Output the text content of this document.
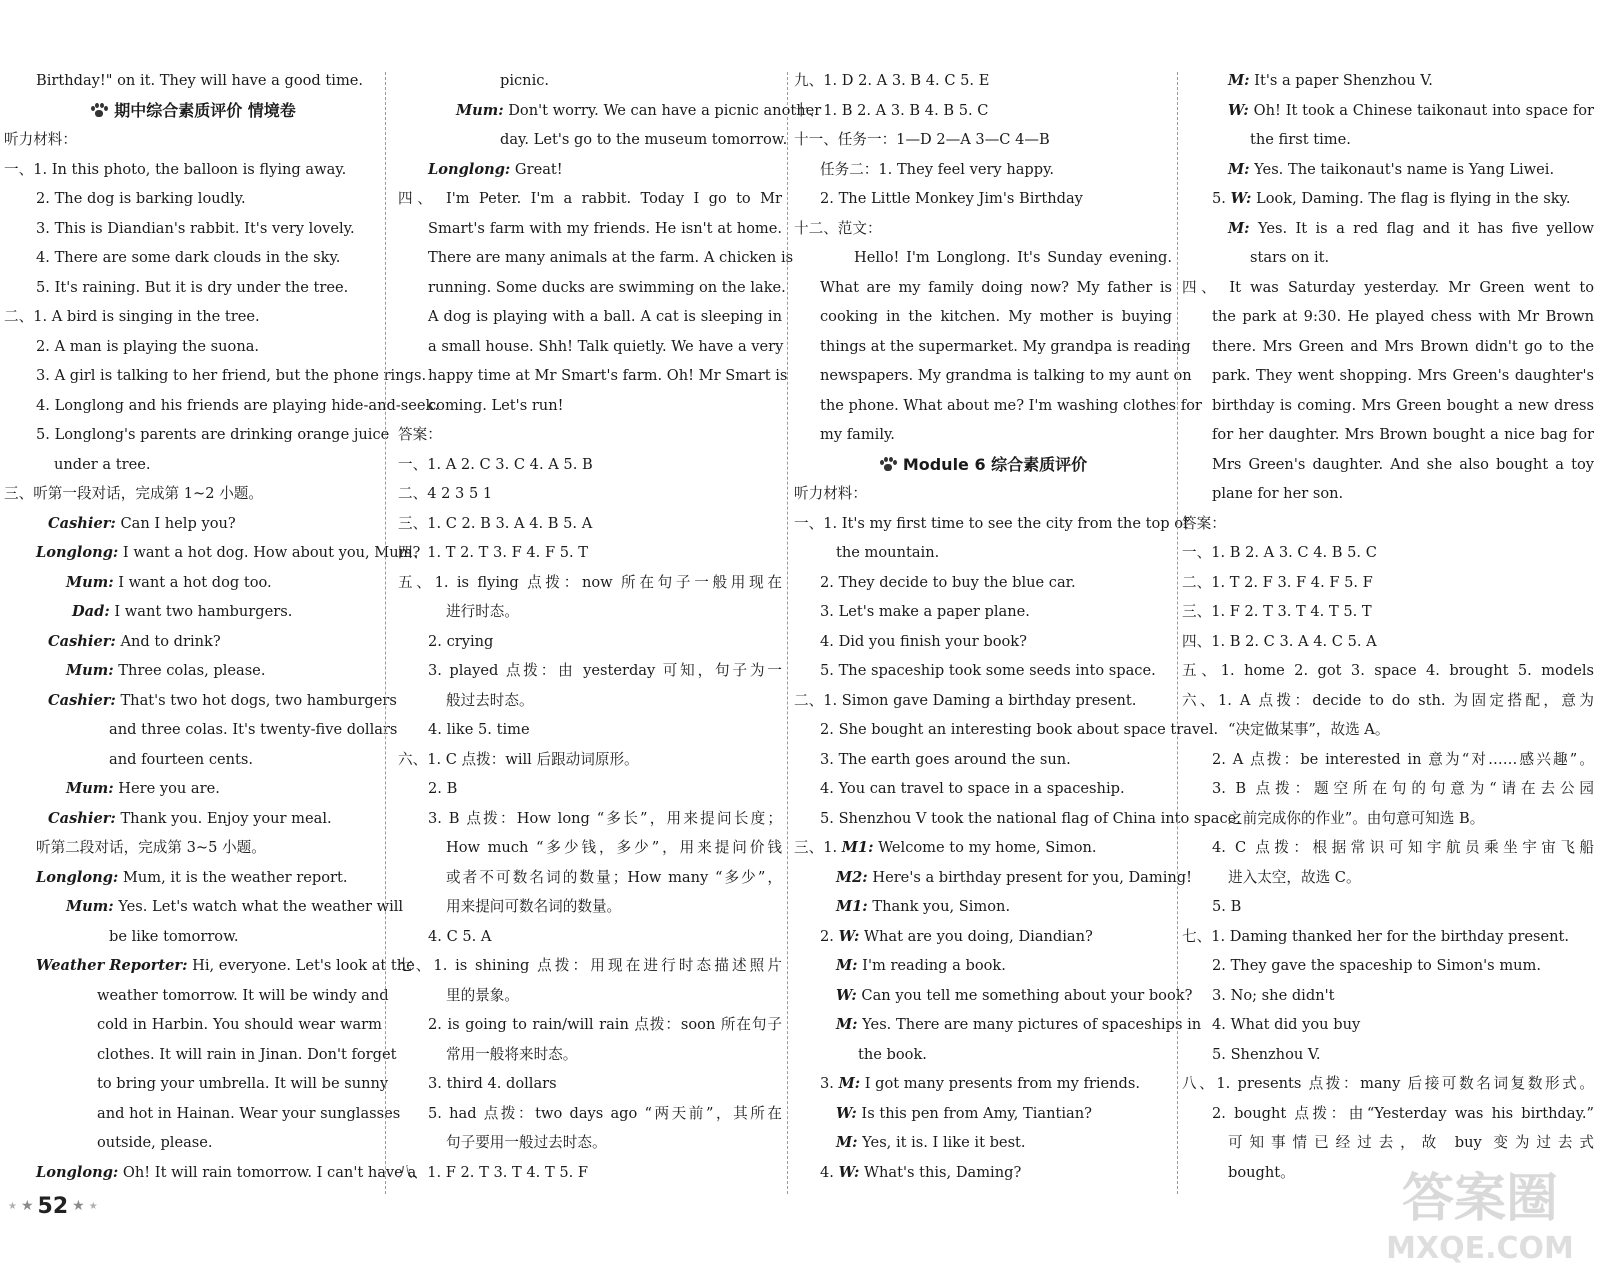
Birthday!" on it. They will have a good time.
期中综合素质评价 情境卷
听力材料：
一、1. In this photo, the balloon is flying away.
2. The dog is barking loudly.
3. This is Diandian's rabbit. It's very lovely.
4. There are some dark clouds in the sky.
5. It's raining. But it is dry under the tree.
二、1. A bird is singing in the tree.
2. A man is playing the suona.
3. A girl is talking to her friend, but the phone rings.
4. Longlong and his friends are playing hide-and-seek.
5. Longlong's parents are drinking orange juice
under a tree.
三、听第一段对话，完成第 1~2 小题。
Cashier: Can I help you?
Longlong: I want a hot dog. How about you, Mum?
Mum: I want a hot dog too.
Dad: I want two hamburgers.
Cashier: And to drink?
Mum: Three colas, please.
Cashier: That's two hot dogs, two hamburgers
and three colas. It's twenty-five dollars
and fourteen cents.
Mum: Here you are.
Cashier: Thank you. Enjoy your meal.
听第二段对话，完成第 3~5 小题。
Longlong: Mum, it is the weather report.
Mum: Yes. Let's watch what the weather will
be like tomorrow.
Weather Reporter: Hi, everyone. Let's look at the
weather tomorrow. It will be windy and
cold in Harbin. You should wear warm
clothes. It will rain in Jinan. Don't forget
to bring your umbrella. It will be sunny
and hot in Hainan. Wear your sunglasses
outside, please.
Longlong: Oh! It will rain tomorrow. I can't have a
picnic.
Mum: Don't worry. We can have a picnic another
day. Let's go to the museum tomorrow.
Longlong: Great!
四、 I'm Peter. I'm a rabbit. Today I go to Mr
Smart's farm with my friends. He isn't at home.
There are many animals at the farm. A chicken is
running. Some ducks are swimming on the lake.
A dog is playing with a ball. A cat is sleeping in
a small house. Shh! Talk quietly. We have a very
happy time at Mr Smart's farm. Oh! Mr Smart is
coming. Let's run!
答案：
一、1. A 2. C 3. C 4. A 5. B
二、4 2 3 5 1
三、1. C 2. B 3. A 4. B 5. A
四、1. T 2. T 3. F 4. F 5. T
五、1. is flying 点拨：now 所在句子一般用现在
进行时态。
2. crying
3. played 点拨：由 yesterday 可知，句子为一
般过去时态。
4. like 5. time
六、1. C 点拨：will 后跟动词原形。
2. B
3. B 点拨：How long “多长”，用来提问长度；
How much “多少钱，多少”，用来提问价钱
或者不可数名词的数量；How many “多少”，
用来提问可数名词的数量。
4. C 5. A
七、1. is shining 点拨：用现在进行时态描述照片
里的景象。
2. is going to rain/will rain 点拨：soon 所在句子
常用一般将来时态。
3. third 4. dollars
5. had 点拨：two days ago “两天前”，其所在
句子要用一般过去时态。
八、1. F 2. T 3. T 4. T 5. F
九、1. D 2. A 3. B 4. C 5. E
十、1. B 2. A 3. B 4. B 5. C
十一、任务一：1—D 2—A 3—C 4—B
任务二：1. They feel very happy.
2. The Little Monkey Jim's Birthday
十二、范文：
Hello! I'm Longlong. It's Sunday evening.
What are my family doing now? My father is
cooking in the kitchen. My mother is buying
things at the supermarket. My grandpa is reading
newspapers. My grandma is talking to my aunt on
the phone. What about me? I'm washing clothes for
my family.
Module 6 综合素质评价
听力材料：
一、1. It's my first time to see the city from the top of
the mountain.
2. They decide to buy the blue car.
3. Let's make a paper plane.
4. Did you finish your book?
5. The spaceship took some seeds into space.
二、1. Simon gave Daming a birthday present.
2. She bought an interesting book about space travel.
3. The earth goes around the sun.
4. You can travel to space in a spaceship.
5. Shenzhou V took the national flag of China into space.
三、1. M1: Welcome to my home, Simon.
M2: Here's a birthday present for you, Daming!
M1: Thank you, Simon.
2. W: What are you doing, Diandian?
M: I'm reading a book.
W: Can you tell me something about your book?
M: Yes. There are many pictures of spaceships in
the book.
3. M: I got many presents from my friends.
W: Is this pen from Amy, Tiantian?
M: Yes, it is. I like it best.
4. W: What's this, Daming?
M: It's a paper Shenzhou V.
W: Oh! It took a Chinese taikonaut into space for
the first time.
M: Yes. The taikonaut's name is Yang Liwei.
5. W: Look, Daming. The flag is flying in the sky.
M: Yes. It is a red flag and it has five yellow
stars on it.
四、 It was Saturday yesterday. Mr Green went to
the park at 9:30. He played chess with Mr Brown
there. Mrs Green and Mrs Brown didn't go to the
park. They went shopping. Mrs Green's daughter's
birthday is coming. Mrs Green bought a new dress
for her daughter. Mrs Brown bought a nice bag for
Mrs Green's daughter. And she also bought a toy
plane for her son.
答案：
一、1. B 2. A 3. C 4. B 5. C
二、1. T 2. F 3. F 4. F 5. F
三、1. F 2. T 3. T 4. T 5. T
四、1. B 2. C 3. A 4. C 5. A
五、1. home 2. got 3. space 4. brought 5. models
六、1. A 点拨：decide to do sth. 为固定搭配，意为
“决定做某事”，故选 A。
2. A 点拨：be interested in 意为“对……感兴趣”。
3. B 点拨：题空所在句的句意为“请在去公园
之前完成你的作业”。由句意可知选 B。
4. C 点拨：根据常识可知宇航员乘坐宇宙飞船
进入太空，故选 C。
5. B
七、1. Daming thanked her for the birthday present.
2. They gave the spaceship to Simon's mum.
3. No; she didn't
4. What did you buy
5. Shenzhou V.
八、1. presents 点拨：many 后接可数名词复数形式。
2. bought 点拨：由“Yesterday was his birthday.”
可知事情已经过去，故 buy 变为过去式
bought。
★ ★ 52 ★ ★	答案圈
MXQE.COM
